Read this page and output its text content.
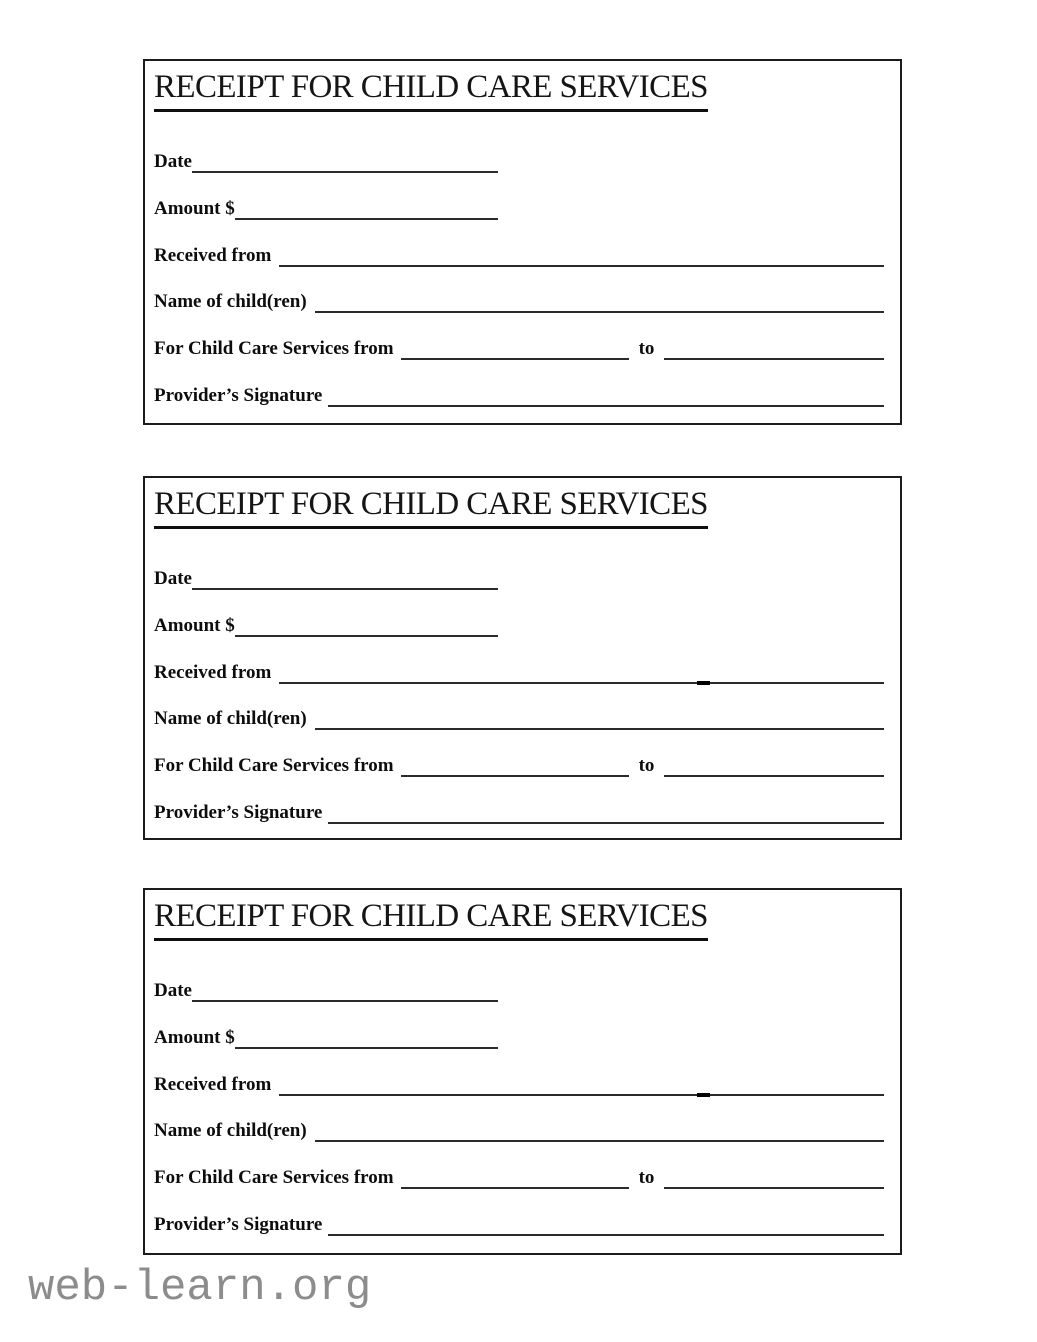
RECEIPT FOR CHILD CARE SERVICES
Date
Amount $
Received from
Name of child(ren)
For Child Care Services from	to
Provider’s Signature
RECEIPT FOR CHILD CARE SERVICES
Date
Amount $
Received from
Name of child(ren)
For Child Care Services from	to
Provider’s Signature
RECEIPT FOR CHILD CARE SERVICES
Date
Amount $
Received from
Name of child(ren)
For Child Care Services from	to
Provider’s Signature
web-learn.org
